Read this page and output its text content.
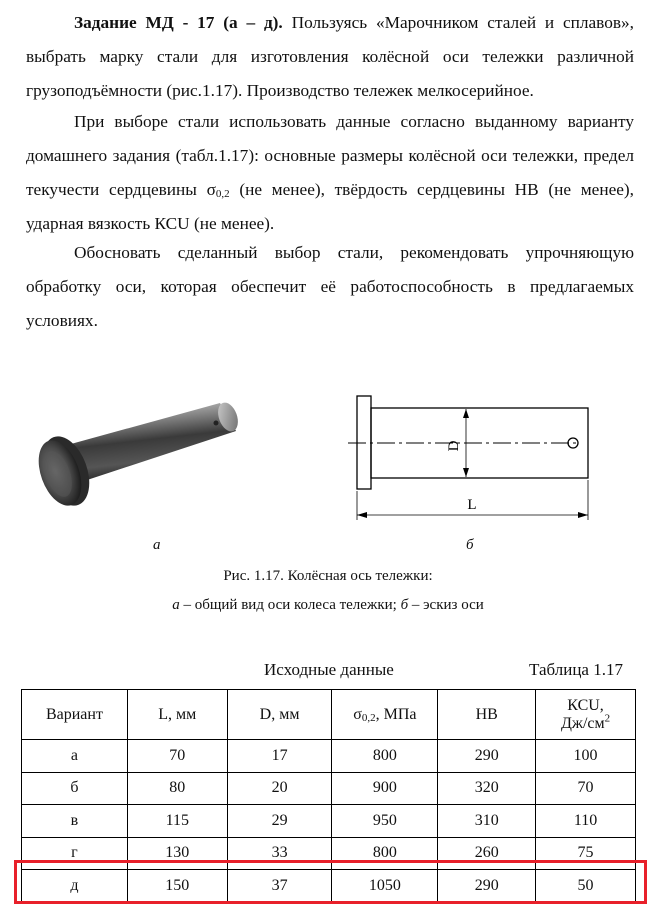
Задание МД - 17 (а – д). Пользуясь «Марочником сталей и сплавов», выбрать марку стали для изготовления колёсной оси тележки различной грузоподъёмности (рис.1.17). Производство тележек мелкосерийное.

При выборе стали использовать данные согласно выданному варианту домашнего задания (табл.1.17): основные размеры колёсной оси тележки, предел текучести сердцевины $\sigma_{0,2}$ (не менее), твёрдость сердцевины НВ (не менее), ударная вязкость КСU (не менее).

Обосновать сделанный выбор стали, рекомендовать упрочняющую обработку оси, которая обеспечит её работоспособность в предлагаемых условиях.

D
L
а	б
Рис. 1.17. Колёсная ось тележки:
а – общий вид оси колеса тележки; б – эскиз оси
Исходные данные	Таблица 1.17
Вариант	L, мм	D, мм	$\sigma_{0,2}$, МПа	НВ	КСU,
$Дж/см^2$
а	70	17	800	290	100
б	80	20	900	320	70
в	115	29	950	310	110
г	130	33	800	260	75
д	150	37	1050	290	50
